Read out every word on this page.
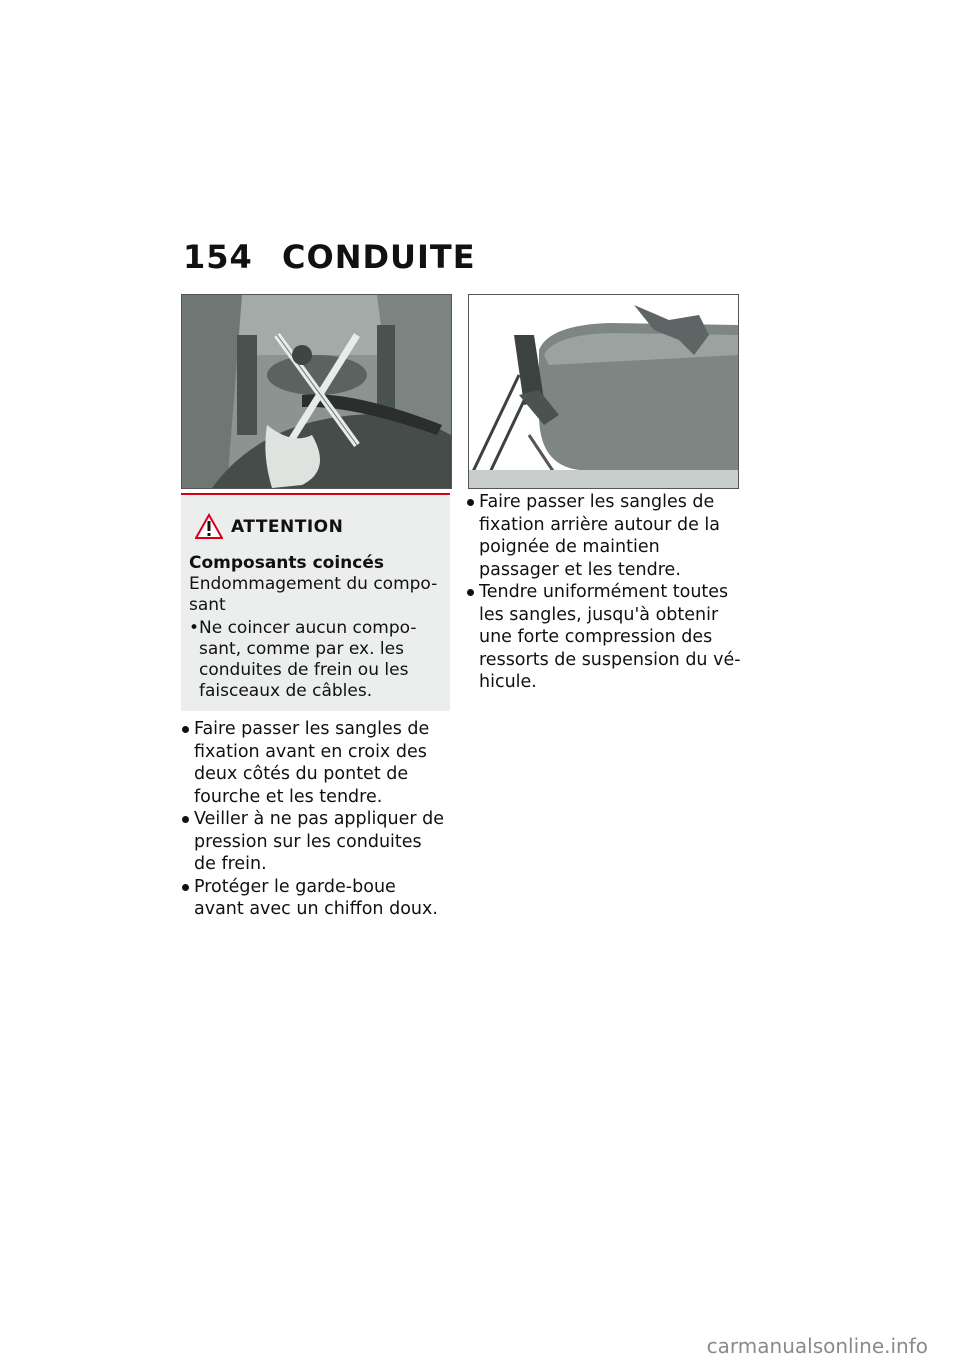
154 CONDUITE
ATTENTION
Composants coincés
Endommagement du compo-sant
• Ne coincer aucun compo-sant, comme par ex. les conduites de frein ou les faisceaux de câbles.
Faire passer les sangles de fixation avant en croix des deux côtés du pontet de fourche et les tendre.
Veiller à ne pas appliquer de pression sur les conduites de frein.
Protéger le garde-boue avant avec un chiffon doux.
Faire passer les sangles de fixation arrière autour de la poignée de maintien passager et les tendre.
Tendre uniformément toutes les sangles, jusqu'à obtenir une forte compression des ressorts de suspension du vé-hicule.
carmanualsonline.info
